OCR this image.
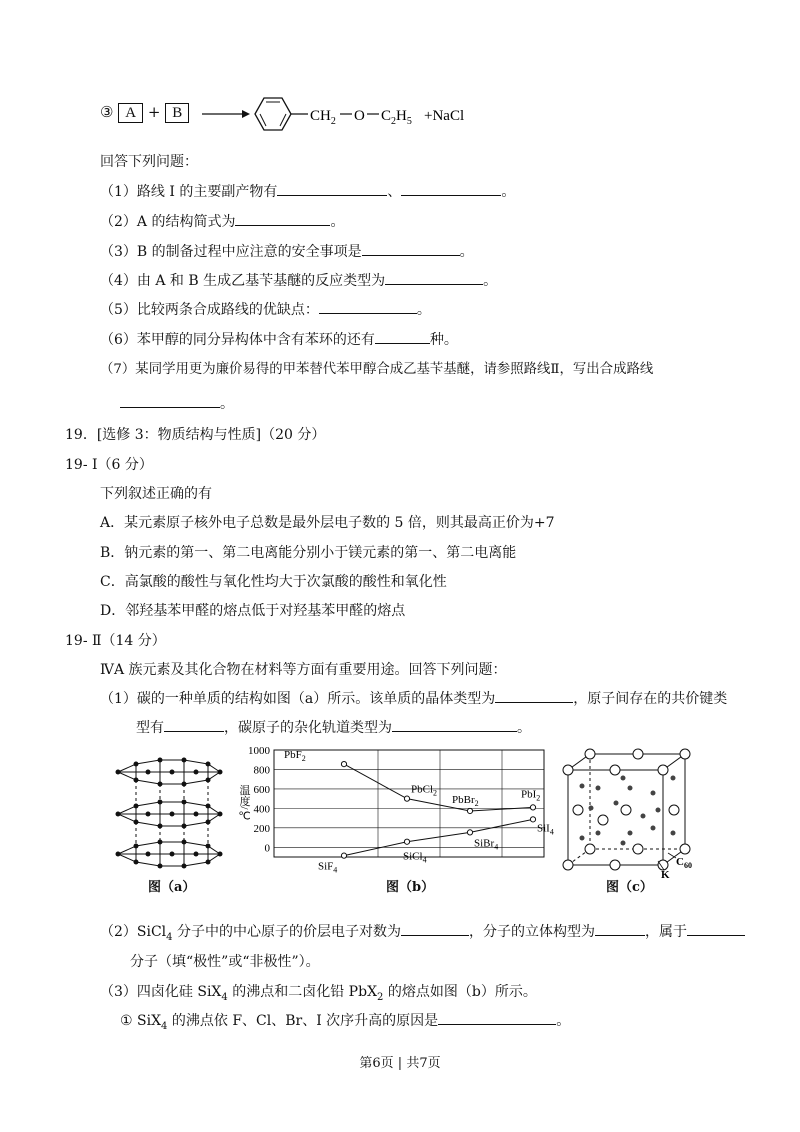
③ A + B	$CH_2$ O $C_2H_5$ +NaCl
回答下列问题：
（1）路线 I 的主要副产物有	、	。
（2）A 的结构简式为	。
（3）B 的制备过程中应注意的安全事项是	。
（4）由 A 和 B 生成乙基苄基醚的反应类型为	。
（5）比较两条合成路线的优缺点：	。
（6）苯甲醇的同分异构体中含有苯环的还有	种。
（7）某同学用更为廉价易得的甲苯替代苯甲醇合成乙基苄基醚，请参照路线Ⅱ，写出合成路线
。
19．[选修 3：物质结构与性质]（20 分）
19- Ⅰ（6 分）
下列叙述正确的有
A．某元素原子核外电子总数是最外层电子数的 5 倍，则其最高正价为+7
B．钠元素的第一、第二电离能分别小于镁元素的第一、第二电离能
C．高氯酸的酸性与氧化性均大于次氯酸的酸性和氧化性
D．邻羟基苯甲醛的熔点低于对羟基苯甲醛的熔点
19- Ⅱ（14 分）
ⅣA 族元素及其化合物在材料等方面有重要用途。回答下列问题：
（1）碳的一种单质的结构如图（a）所示。该单质的晶体类型为	，原子间存在的共价键类
型有	，碳原子的杂化轨道类型为	。
图（a）
1000
800
600
400
200
0
温度/℃
PbF$_2$
PbCl$_2$
PbBr$_2$
PbI$_2$
SiF$_4$
SiCl$_4$
SiBr$_4$
SiI$_4$
图（b）
K
$C_{60}$
图（c）
（2）SiCl$_4$ 分子中的中心原子的价层电子对数为	，分子的立体构型为	，属于
分子（填“极性”或“非极性”）。
（3）四卤化硅 SiX$_4$ 的沸点和二卤化铅 PbX$_2$ 的熔点如图（b）所示。
① SiX$_4$ 的沸点依 F、Cl、Br、I 次序升高的原因是	。
第6页 | 共7页
